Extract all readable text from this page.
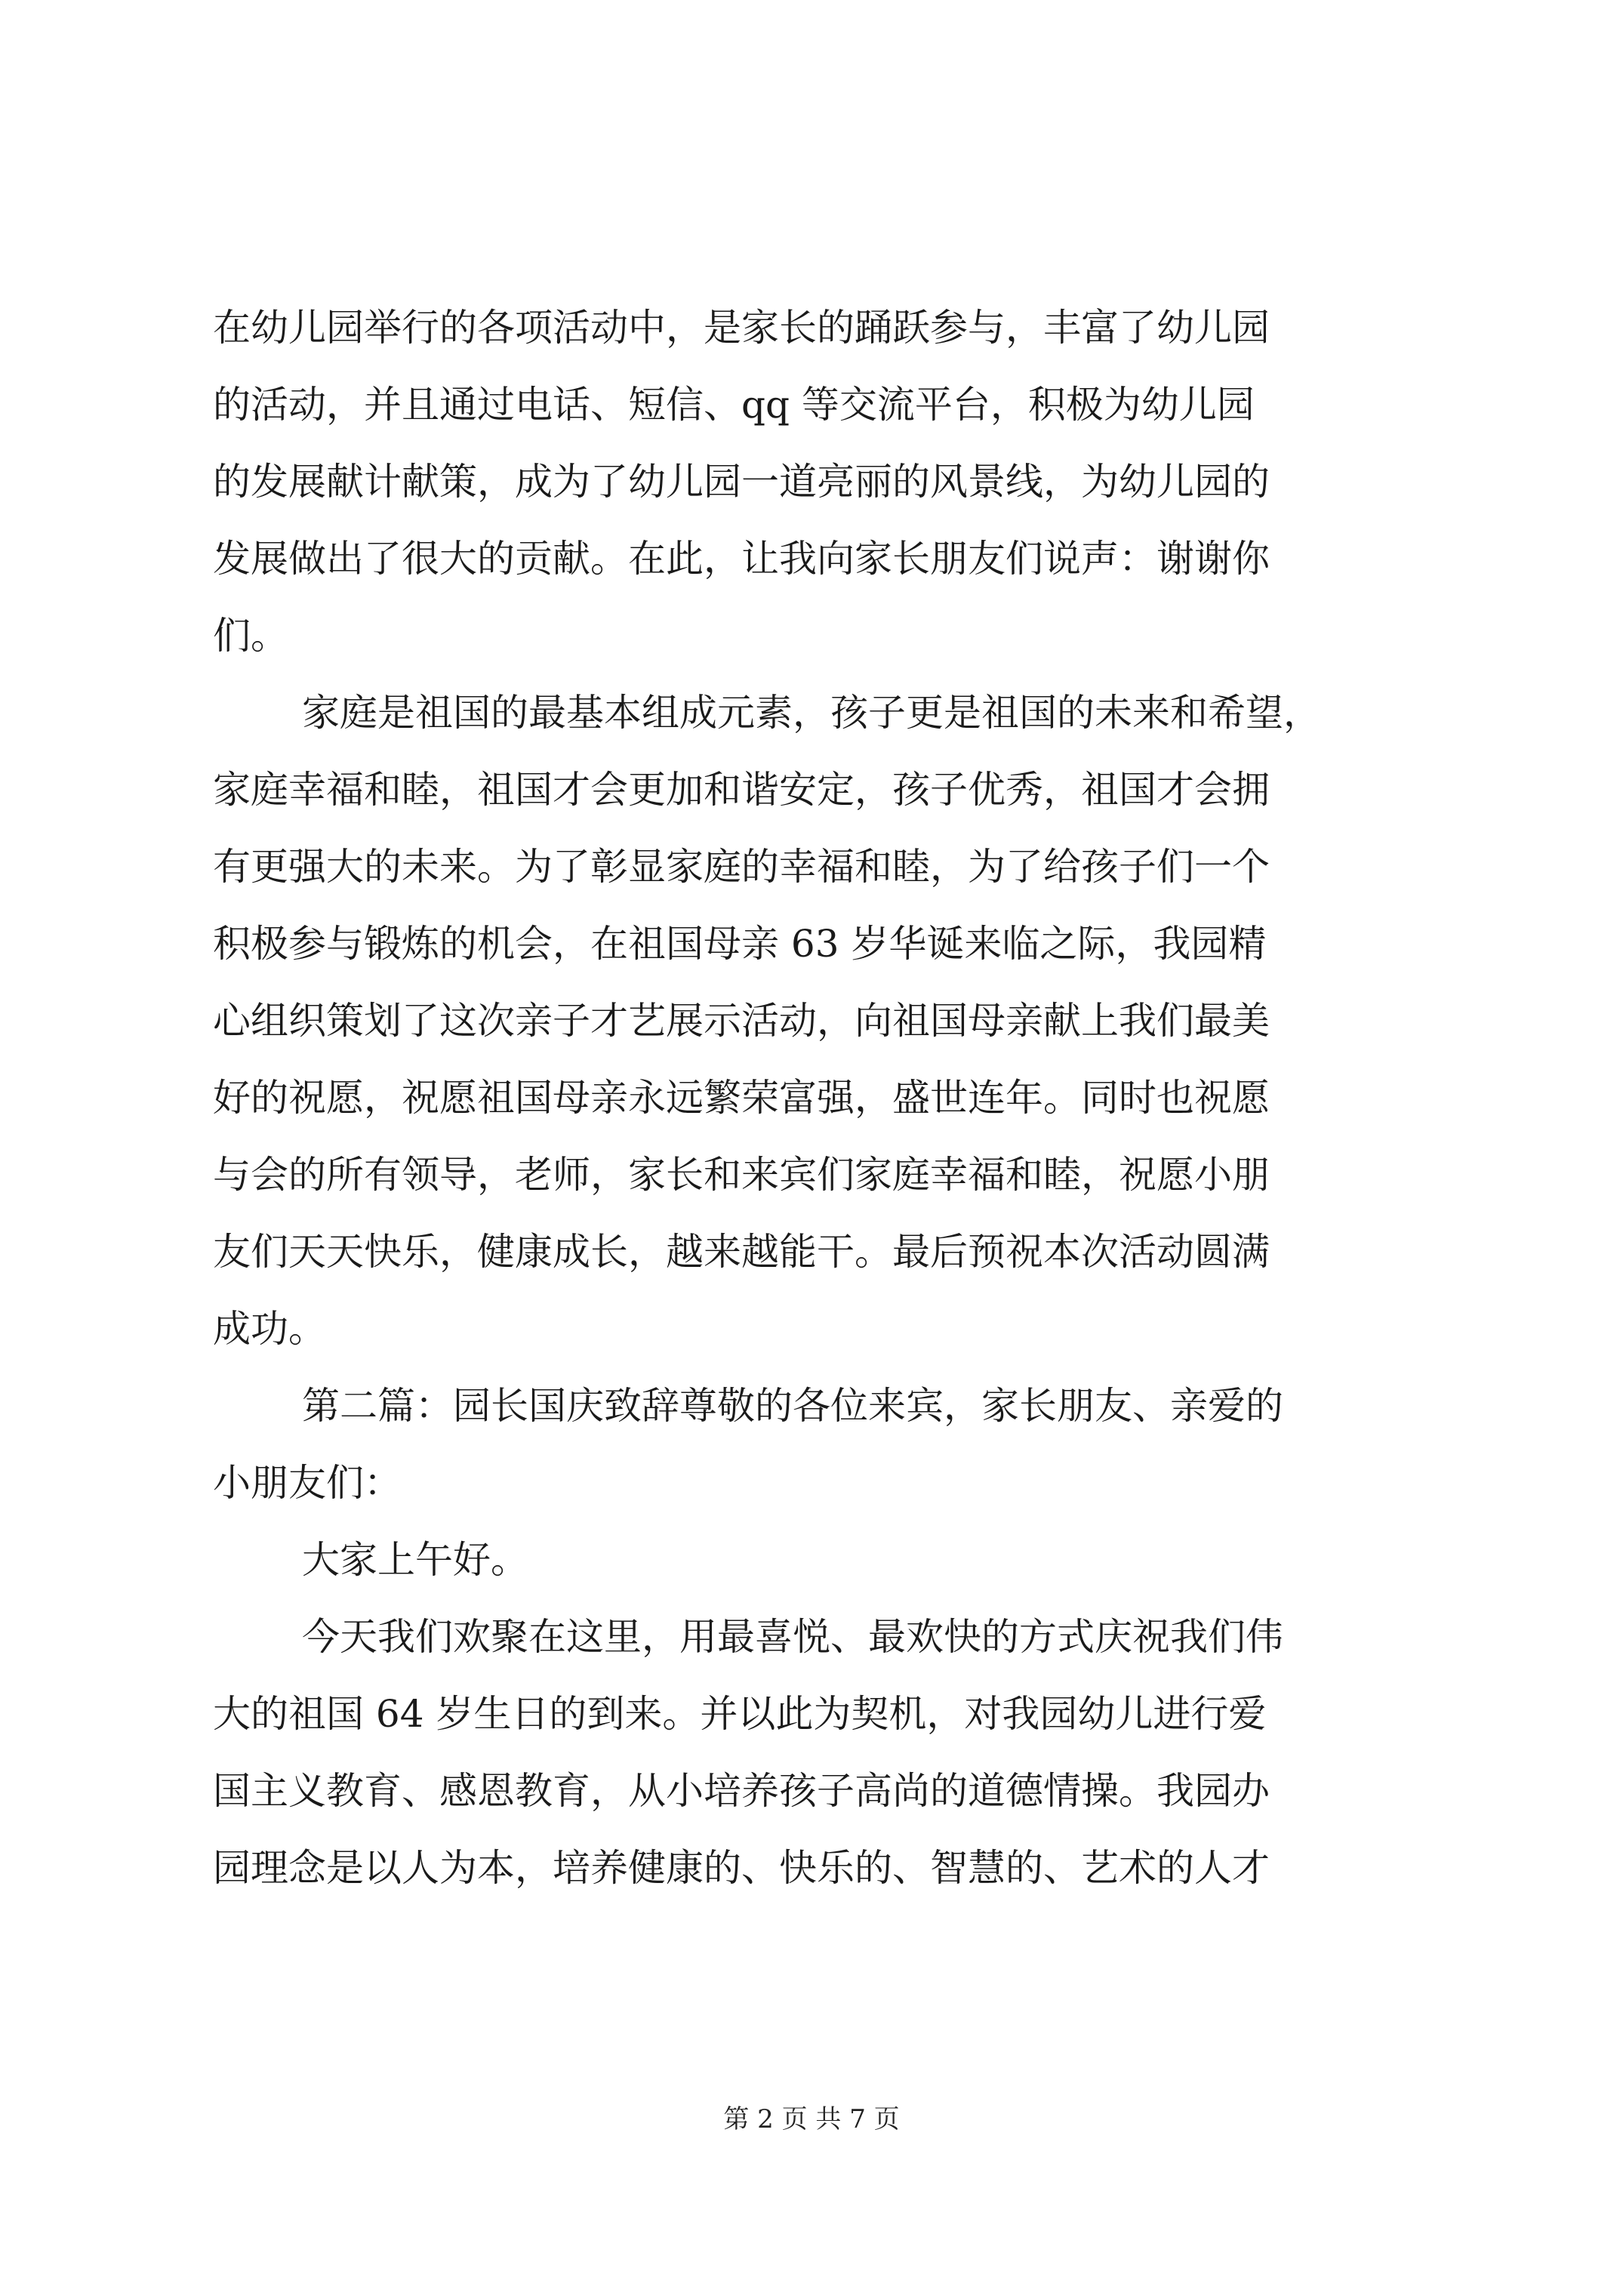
在幼儿园举行的各项活动中，是家长的踊跃参与，丰富了幼儿园
的活动，并且通过电话、短信、qq 等交流平台，积极为幼儿园
的发展献计献策，成为了幼儿园一道亮丽的风景线，为幼儿园的
发展做出了很大的贡献。在此，让我向家长朋友们说声：谢谢你
们。
家庭是祖国的最基本组成元素，孩子更是祖国的未来和希望，
家庭幸福和睦，祖国才会更加和谐安定，孩子优秀，祖国才会拥
有更强大的未来。为了彰显家庭的幸福和睦，为了给孩子们一个
积极参与锻炼的机会，在祖国母亲 63 岁华诞来临之际，我园精
心组织策划了这次亲子才艺展示活动，向祖国母亲献上我们最美
好的祝愿，祝愿祖国母亲永远繁荣富强，盛世连年。同时也祝愿
与会的所有领导，老师，家长和来宾们家庭幸福和睦，祝愿小朋
友们天天快乐，健康成长，越来越能干。最后预祝本次活动圆满
成功。
第二篇：园长国庆致辞尊敬的各位来宾，家长朋友、亲爱的
小朋友们：
大家上午好。
今天我们欢聚在这里，用最喜悦、最欢快的方式庆祝我们伟
大的祖国 64 岁生日的到来。并以此为契机，对我园幼儿进行爱
国主义教育、感恩教育，从小培养孩子高尚的道德情操。我园办
园理念是以人为本，培养健康的、快乐的、智慧的、艺术的人才
第 2 页 共 7 页
